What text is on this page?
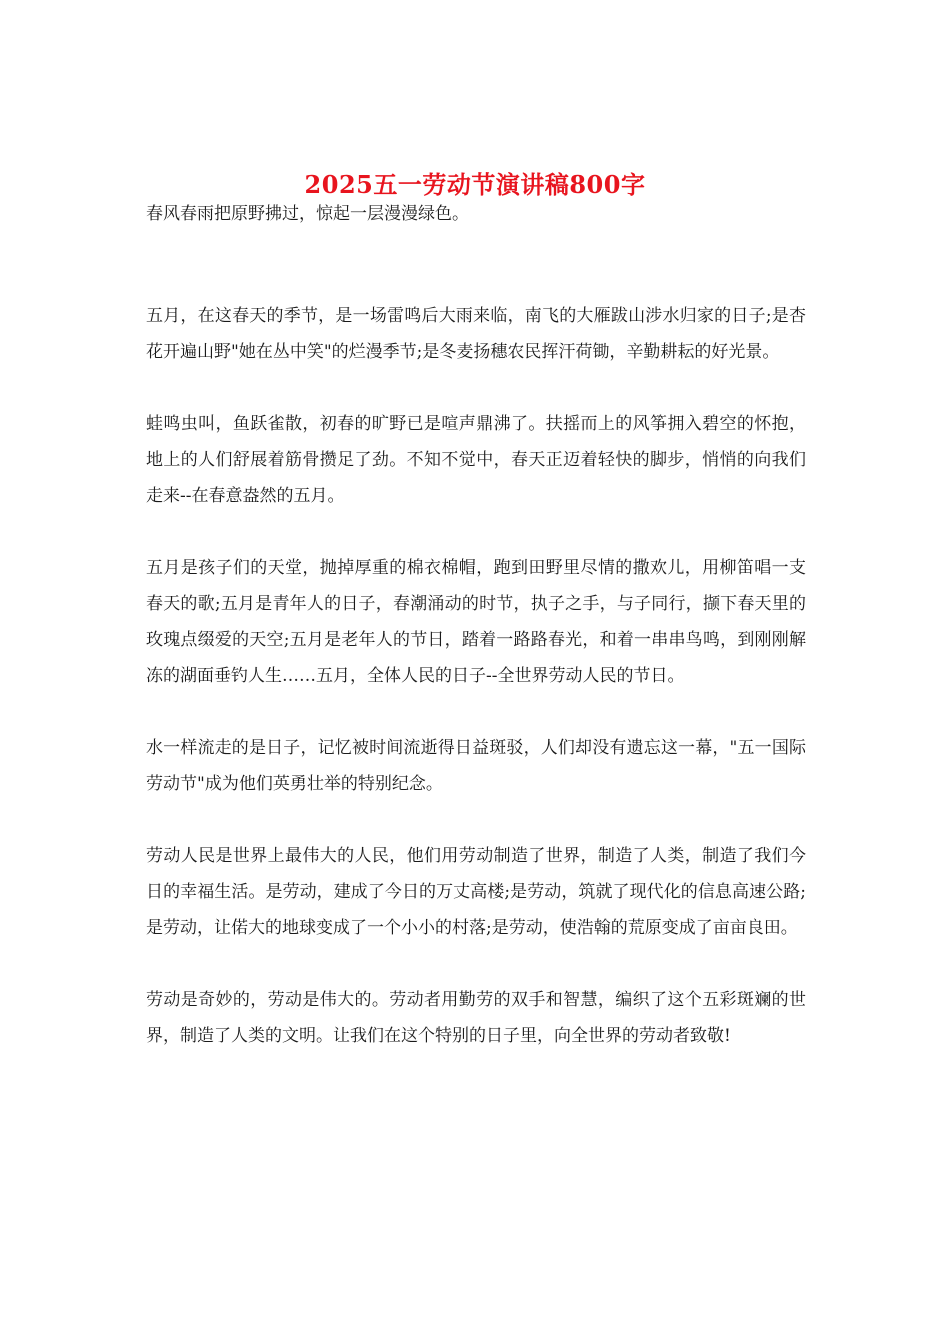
2025五一劳动节演讲稿800字

春风春雨把原野拂过，惊起一层漫漫绿色。

五月，在这春天的季节，是一场雷鸣后大雨来临，南飞的大雁跋山涉水归家的日子;是杏花开遍山野"她在丛中笑"的烂漫季节;是冬麦扬穗农民挥汗荷锄，辛勤耕耘的好光景。

蛙鸣虫叫，鱼跃雀散，初春的旷野已是喧声鼎沸了。扶摇而上的风筝拥入碧空的怀抱，地上的人们舒展着筋骨攒足了劲。不知不觉中，春天正迈着轻快的脚步，悄悄的向我们走来--在春意盎然的五月。

五月是孩子们的天堂，抛掉厚重的棉衣棉帽，跑到田野里尽情的撒欢儿，用柳笛唱一支春天的歌;五月是青年人的日子，春潮涌动的时节，执子之手，与子同行，撷下春天里的玫瑰点缀爱的天空;五月是老年人的节日，踏着一路路春光，和着一串串鸟鸣，到刚刚解冻的湖面垂钓人生……五月，全体人民的日子--全世界劳动人民的节日。

水一样流走的是日子，记忆被时间流逝得日益斑驳，人们却没有遗忘这一幕，"五一国际劳动节"成为他们英勇壮举的特别纪念。

劳动人民是世界上最伟大的人民，他们用劳动制造了世界，制造了人类，制造了我们今日的幸福生活。是劳动，建成了今日的万丈高楼;是劳动，筑就了现代化的信息高速公路;是劳动，让偌大的地球变成了一个小小的村落;是劳动，使浩翰的荒原变成了亩亩良田。

劳动是奇妙的，劳动是伟大的。劳动者用勤劳的双手和智慧，编织了这个五彩斑斓的世界，制造了人类的文明。让我们在这个特别的日子里，向全世界的劳动者致敬!
